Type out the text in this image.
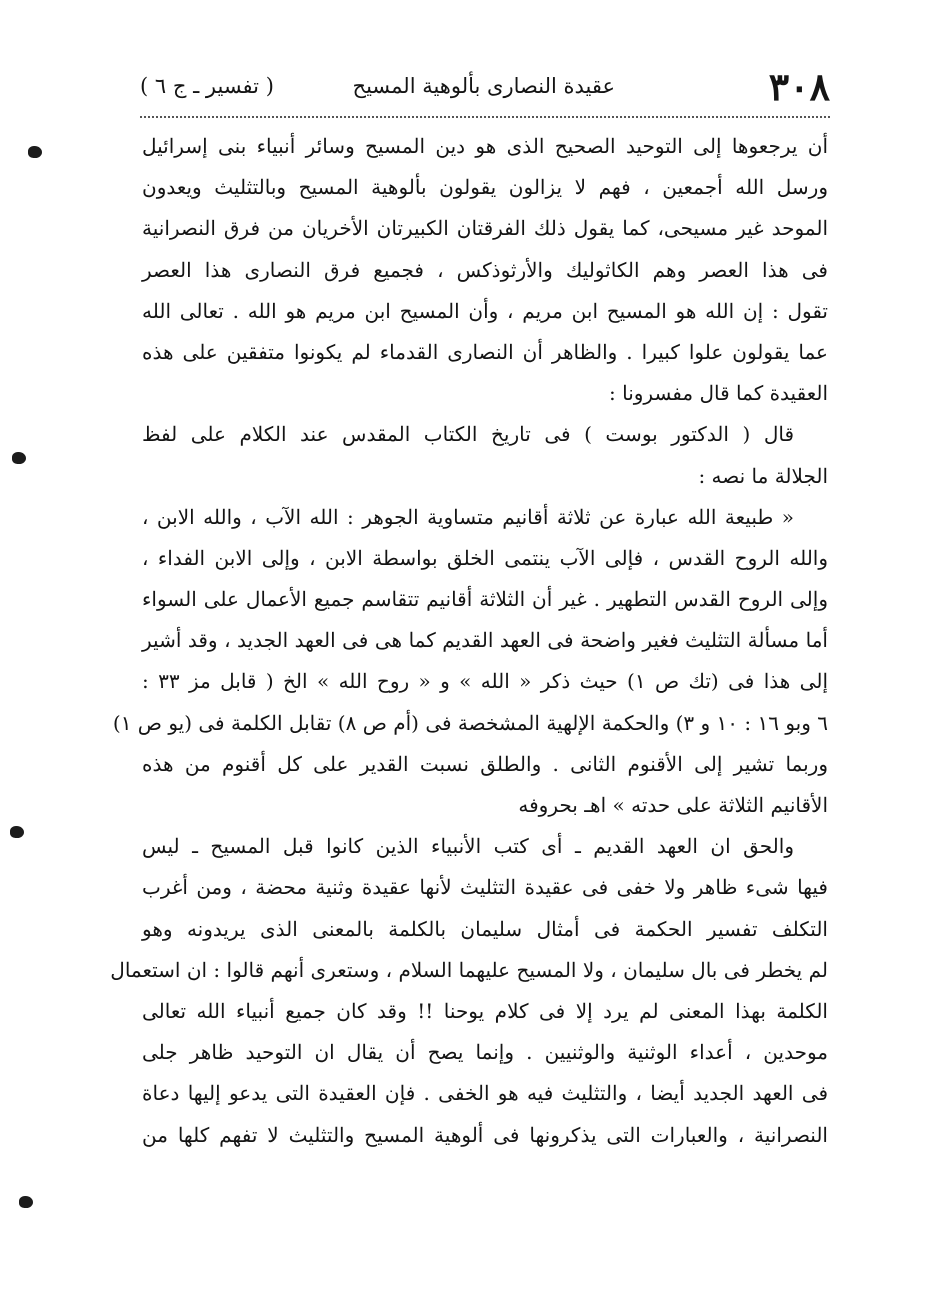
٣٠٨
عقيدة النصارى بألوهية المسيح
( تفسير ـ ج ٦ )
أن يرجعوها إلى التوحيد الصحيح الذى هو دين المسيح وسائر أنبياء بنى إسرائيل
ورسل الله أجمعين ، فهم لا يزالون يقولون بألوهية المسيح وبالتثليث ويعدون
الموحد غير مسيحى، كما يقول ذلك الفرقتان الكبيرتان الأخريان من فرق النصرانية
فى هذا العصر وهم الكاثوليك والأرثوذكس ، فجميع فرق النصارى هذا العصر
تقول : إن الله هو المسيح ابن مريم ، وأن المسيح ابن مريم هو الله . تعالى الله
عما يقولون علوا كبيرا . والظاهر أن النصارى القدماء لم يكونوا متفقين على هذه
العقيدة كما قال مفسرونا :
قال ( الدكتور بوست ) فى تاريخ الكتاب المقدس عند الكلام على لفظ
الجلالة ما نصه :
« طبيعة الله عبارة عن ثلاثة أقانيم متساوية الجوهر : الله الآب ، والله الابن ،
والله الروح القدس ، فإلى الآب ينتمى الخلق بواسطة الابن ، وإلى الابن الفداء ،
وإلى الروح القدس التطهير . غير أن الثلاثة أقانيم تتقاسم جميع الأعمال على السواء
أما مسألة التثليث فغير واضحة فى العهد القديم كما هى فى العهد الجديد ، وقد أشير
إلى هذا فى (تك ص ١) حيث ذكر « الله » و « روح الله » الخ ( قابل مز ٣٣ :
٦ وبو ١٦ : ١٠ و ٣) والحكمة الإلهية المشخصة فى (أم ص ٨) تقابل الكلمة فى (يو ص ١)
وربما تشير إلى الأقنوم الثانى . والطلق نسبت القدير على كل أقنوم من هذه
الأقانيم الثلاثة على حدته » اهـ بحروفه
والحق ان العهد القديم ـ أى كتب الأنبياء الذين كانوا قبل المسيح ـ ليس
فيها شىء ظاهر ولا خفى فى عقيدة التثليث لأنها عقيدة وثنية محضة ، ومن أغرب
التكلف تفسير الحكمة فى أمثال سليمان بالكلمة بالمعنى الذى يريدونه وهو
لم يخطر فى بال سليمان ، ولا المسيح عليهما السلام ، وستعرى أنهم قالوا : ان استعمال
الكلمة بهذا المعنى لم يرد إلا فى كلام يوحنا !! وقد كان جميع أنبياء الله تعالى
موحدين ، أعداء الوثنية والوثنيين . وإنما يصح أن يقال ان التوحيد ظاهر جلى
فى العهد الجديد أيضا ، والتثليث فيه هو الخفى . فإن العقيدة التى يدعو إليها دعاة
النصرانية ، والعبارات التى يذكرونها فى ألوهية المسيح والتثليث لا تفهم كلها من
